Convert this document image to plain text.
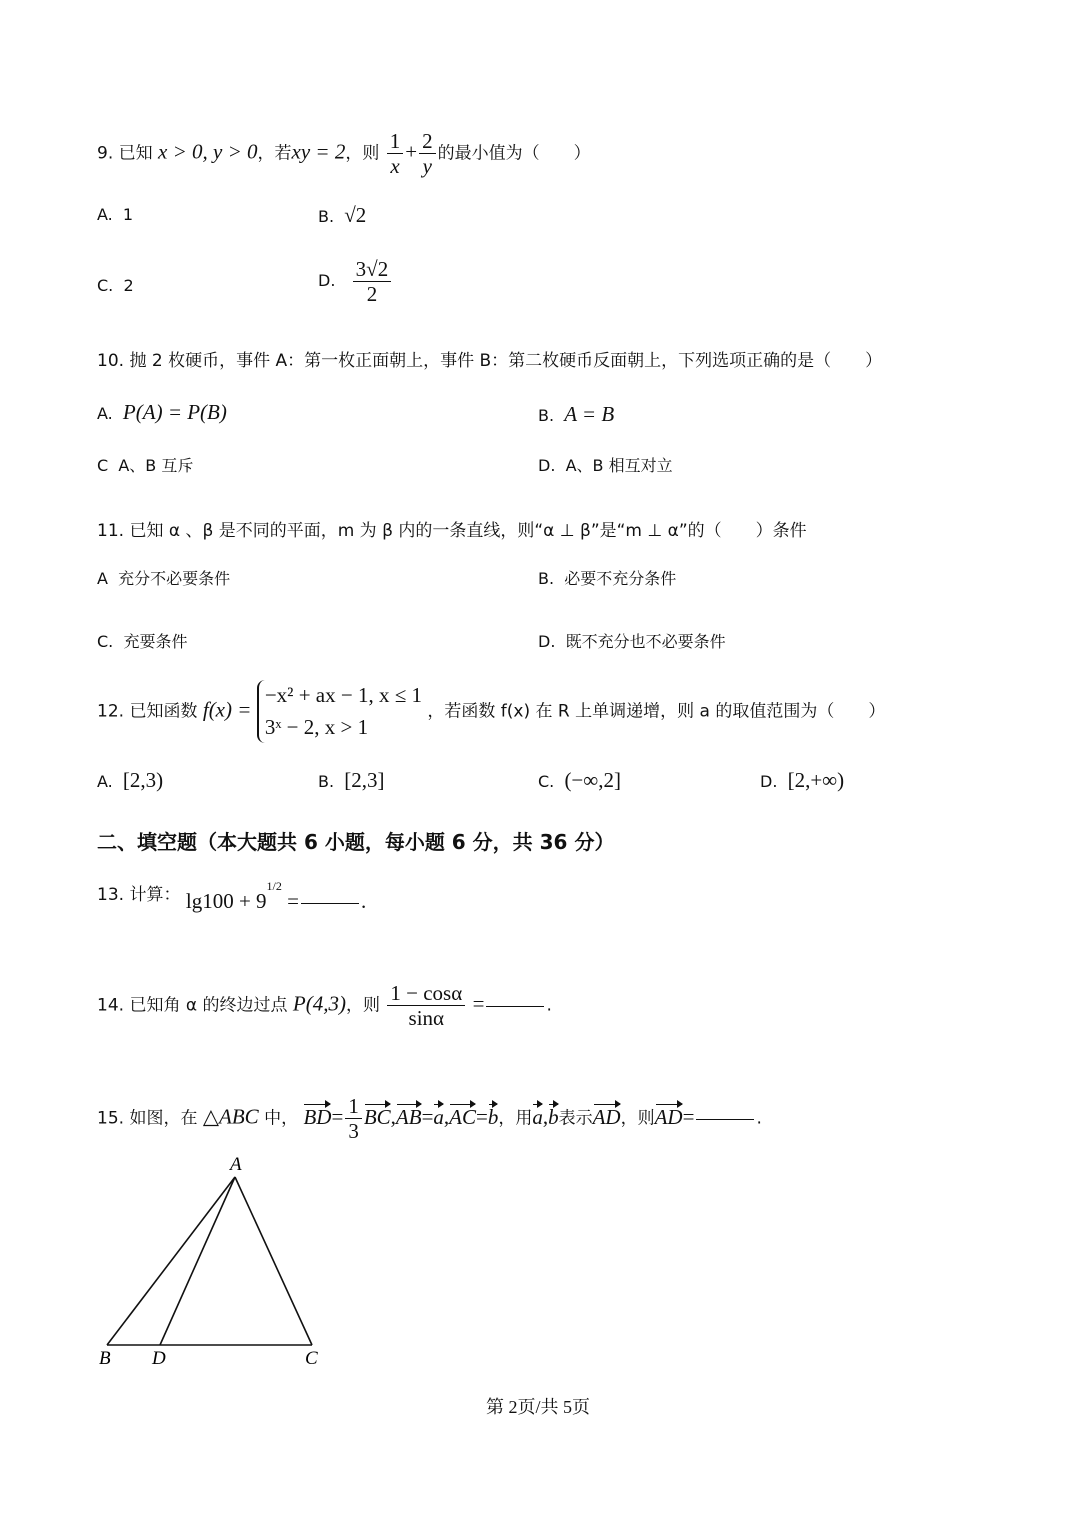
9. 已知 x > 0, y > 0，若xy = 2，则 $\frac{1}{x} + \frac{2}{y}$ 的最小值为（　　）
A. 1	B. √2
C. 2	D. $\frac{3√2}{2}$
10. 抛 2 枚硬币，事件 A：第一枚正面朝上，事件 B：第二枚硬币反面朝上，下列选项正确的是（　　）
A. P(A) = P(B)	B. A = B
C A、B 互斥	D. A、B 相互对立
11. 已知 α 、β 是不同的平面，m 为 β 内的一条直线，则“α ⊥ β”是“m ⊥ α”的（　　）条件
A 充分不必要条件	B. 必要不充分条件
C. 充要条件	D. 既不充分也不必要条件
12. 已知函数 f(x) =
−x² + ax − 1, x ≤ 1
3ˣ − 2, x > 1
，若函数 f(x) 在 R 上单调递增，则 a 的取值范围为（　　）
A. [2,3)	B. [2,3]	C. (−∞,2]	D. [2,+∞)
二、填空题（本大题共 6 小题，每小题 6 分，共 36 分）
13. 计算： $\lg 100 + 9^{1/2}$ =	.
14. 已知角 α 的终边过点 P(4,3)，则 $\frac{1 - \cos\alpha}{\sin\alpha}$ =	.
15. 如图，在 △ABC 中， $BD= \frac{1}{3} BC,AB=a,AC=b$，用a,b表示AD，则AD=	.
A
B D	C
第 2页/共 5页
